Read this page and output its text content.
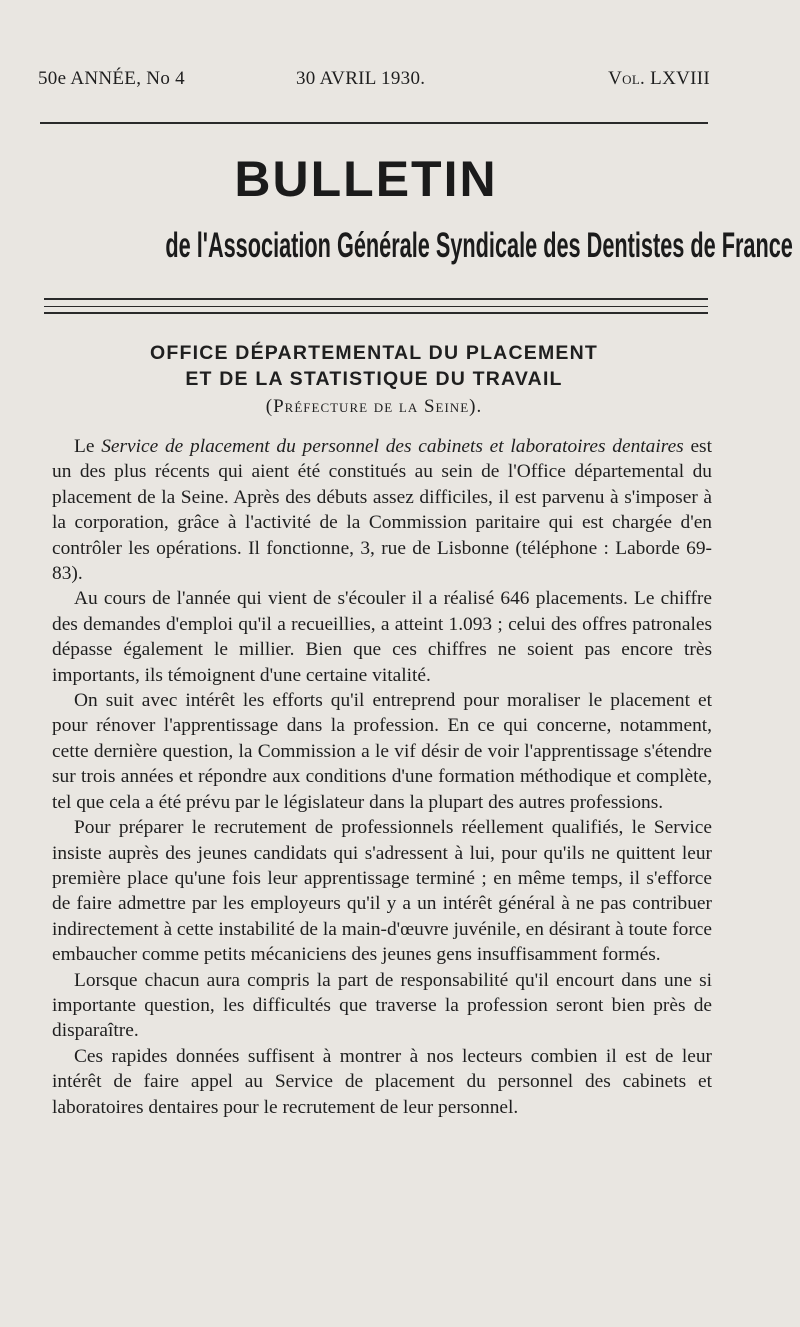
50e ANNÉE, No 4	30 AVRIL 1930.	Vol. LXVIII
BULLETIN
de l'Association Générale Syndicale des Dentistes de France
OFFICE DÉPARTEMENTAL DU PLACEMENT
ET DE LA STATISTIQUE DU TRAVAIL
(Préfecture de la Seine).

Le Service de placement du personnel des cabinets et laboratoires dentaires est un des plus récents qui aient été constitués au sein de l'Office départemental du placement de la Seine. Après des débuts assez difficiles, il est parvenu à s'imposer à la corporation, grâce à l'activité de la Commission paritaire qui est chargée d'en contrôler les opérations. Il fonctionne, 3, rue de Lisbonne (téléphone : Laborde 69-83).

Au cours de l'année qui vient de s'écouler il a réalisé 646 placements. Le chiffre des demandes d'emploi qu'il a recueillies, a atteint 1.093 ; celui des offres patronales dépasse également le millier. Bien que ces chiffres ne soient pas encore très importants, ils témoignent d'une certaine vitalité.

On suit avec intérêt les efforts qu'il entreprend pour moraliser le placement et pour rénover l'apprentissage dans la profession. En ce qui concerne, notamment, cette dernière question, la Commission a le vif désir de voir l'apprentissage s'étendre sur trois années et répondre aux conditions d'une formation méthodique et complète, tel que cela a été prévu par le législateur dans la plupart des autres professions.

Pour préparer le recrutement de professionnels réellement qualifiés, le Service insiste auprès des jeunes candidats qui s'adressent à lui, pour qu'ils ne quittent leur première place qu'une fois leur apprentissage terminé ; en même temps, il s'efforce de faire admettre par les employeurs qu'il y a un intérêt général à ne pas contribuer indirectement à cette instabilité de la main-d'œuvre juvénile, en désirant à toute force embaucher comme petits mécaniciens des jeunes gens insuffisamment formés.

Lorsque chacun aura compris la part de responsabilité qu'il encourt dans une si importante question, les difficultés que traverse la profession seront bien près de disparaître.

Ces rapides données suffisent à montrer à nos lecteurs combien il est de leur intérêt de faire appel au Service de placement du personnel des cabinets et laboratoires dentaires pour le recrutement de leur personnel.
